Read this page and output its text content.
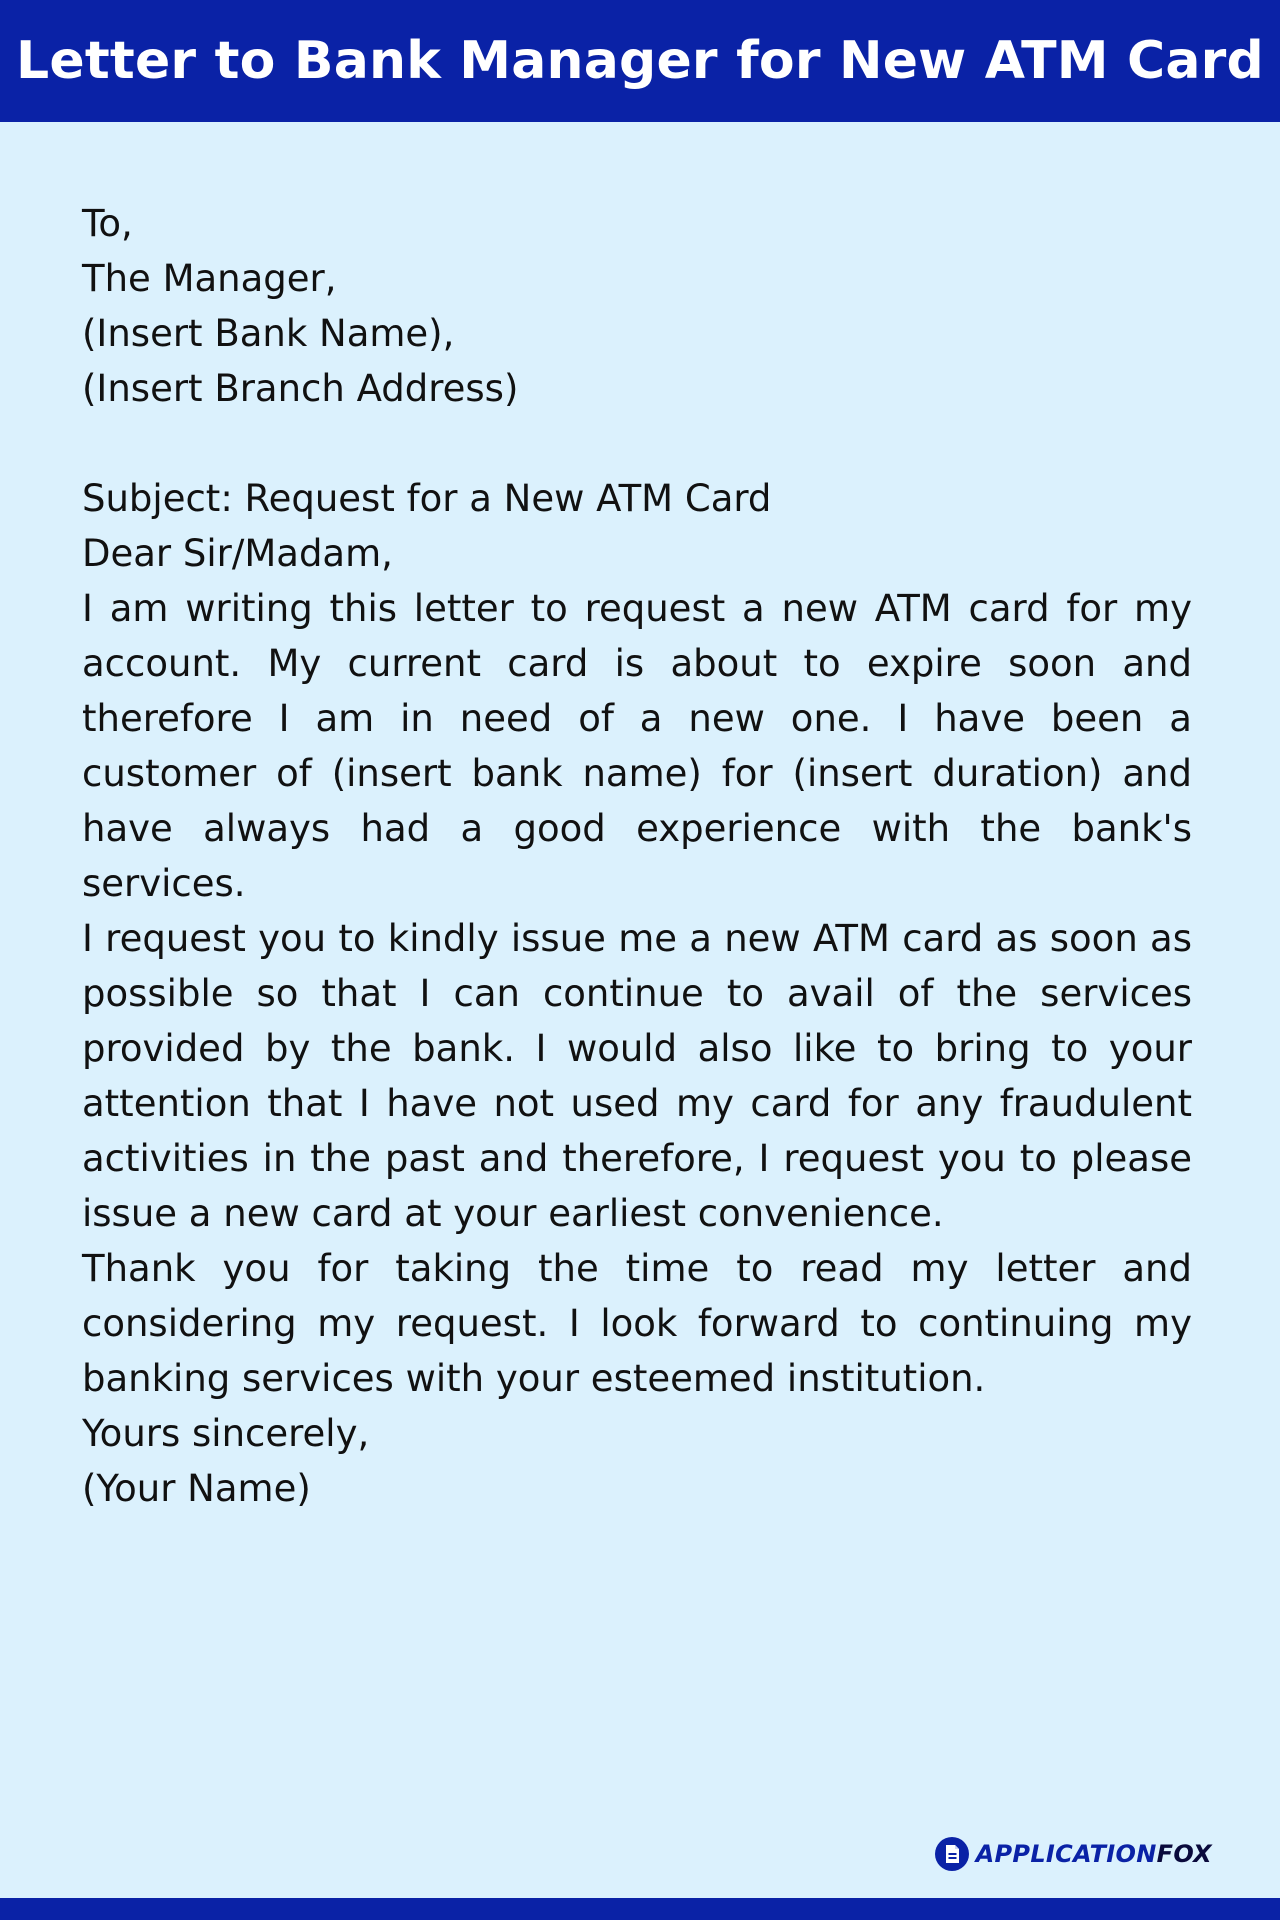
Letter to Bank Manager for New ATM Card

To,

The Manager,

(Insert Bank Name),

(Insert Branch Address)

Subject: Request for a New ATM Card

Dear Sir/Madam,

I am writing this letter to request a new ATM card for my account. My current card is about to expire soon and therefore I am in need of a new one. I have been a customer of (insert bank name) for (insert duration) and have always had a good experience with the bank's services.

I request you to kindly issue me a new ATM card as soon as possible so that I can continue to avail of the services provided by the bank. I would also like to bring to your attention that I have not used my card for any fraudulent activities in the past and therefore, I request you to please issue a new card at your earliest convenience.

Thank you for taking the time to read my letter and considering my request. I look forward to continuing my banking services with your esteemed institution.

Yours sincerely,

(Your Name)

APPLICATIONFOX
